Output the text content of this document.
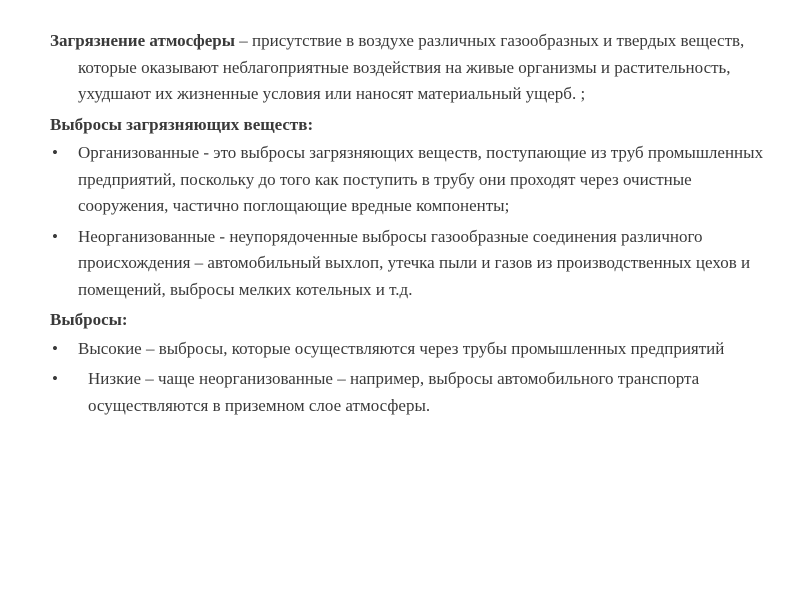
Загрязнение атмосферы – присутствие в воздухе различных газообразных и твердых веществ, которые оказывают неблагоприятные воздействия на живые организмы и растительность, ухудшают их жизненные условия или наносят материальный ущерб. ;

Выбросы загрязняющих веществ:

• Организованные - это выбросы загрязняющих веществ, поступающие из труб промышленных предприятий, поскольку до того как поступить в трубу они проходят через очистные сооружения, частично поглощающие вредные компоненты;
• Неорганизованные - неупорядоченные выбросы газообразные соединения различного происхождения – автомобильный выхлоп, утечка пыли и газов из производственных цехов и помещений, выбросы мелких котельных и т.д.

Выбросы:

• Высокие – выбросы, которые осуществляются через трубы промышленных предприятий
•	Низкие – чаще неорганизованные – например, выбросы автомобильного транспорта осуществляются в приземном слое атмосферы.
